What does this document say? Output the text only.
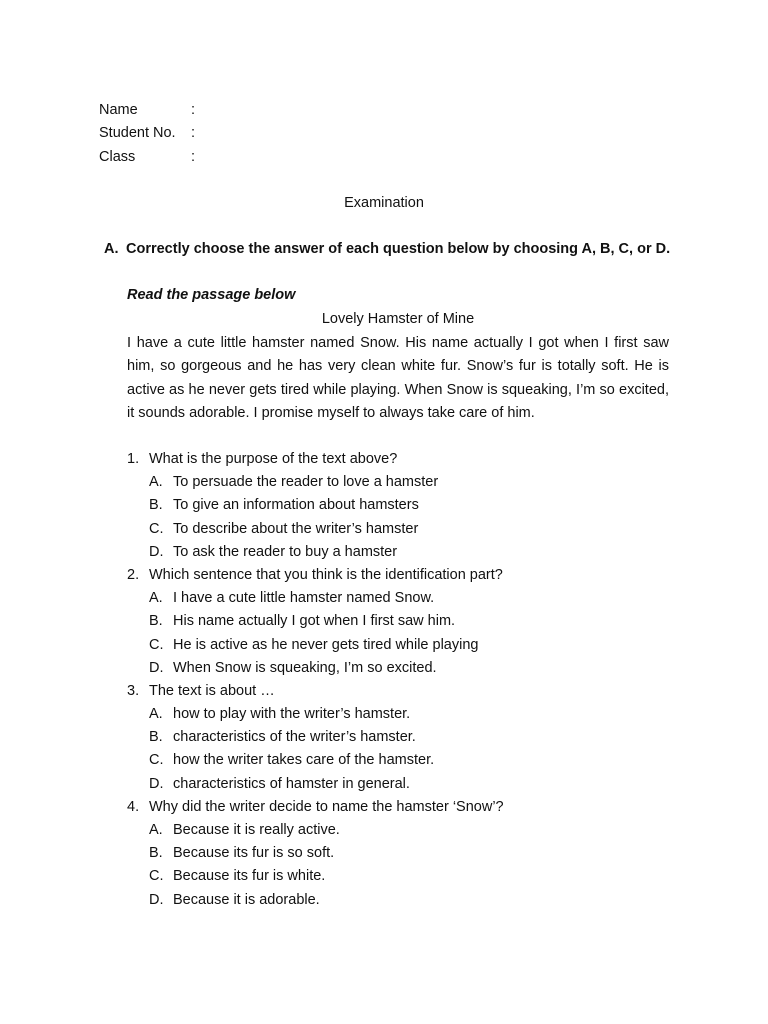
Name	:
Student No. :
Class	:
Examination
A. Correctly choose the answer of each question below by choosing A, B, C, or D.
Read the passage below
Lovely Hamster of Mine
I have a cute little hamster named Snow. His name actually I got when I first saw him, so gorgeous and he has very clean white fur. Snow’s fur is totally soft. He is active as he never gets tired while playing. When Snow is squeaking, I’m so excited, it sounds adorable. I promise myself to always take care of him.
1. What is the purpose of the text above?
A. To persuade the reader to love a hamster
B. To give an information about hamsters
C. To describe about the writer’s hamster
D. To ask the reader to buy a hamster
2. Which sentence that you think is the identification part?
A. I have a cute little hamster named Snow.
B. His name actually I got when I first saw him.
C. He is active as he never gets tired while playing
D. When Snow is squeaking, I’m so excited.
3. The text is about …
A. how to play with the writer’s hamster.
B. characteristics of the writer’s hamster.
C. how the writer takes care of the hamster.
D. characteristics of hamster in general.
4. Why did the writer decide to name the hamster ‘Snow’?
A. Because it is really active.
B. Because its fur is so soft.
C. Because its fur is white.
D. Because it is adorable.
